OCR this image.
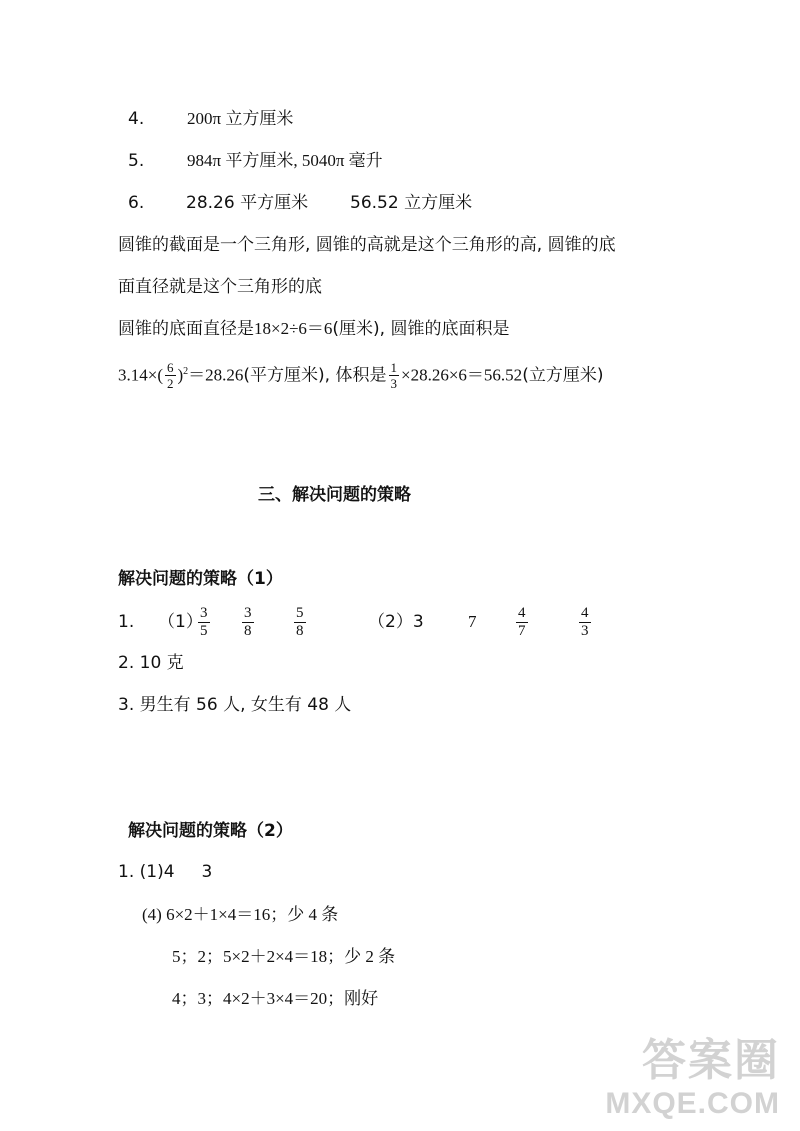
4.	200π 立方厘米
5.	984π 平方厘米, 5040π 毫升
6. 28.26 平方厘米 56.52 立方厘米
圆锥的截面是一个三角形, 圆锥的高就是这个三角形的高, 圆锥的底
面直径就是这个三角形的底
圆锥的底面直径是18×2÷6＝6(厘米), 圆锥的底面积是
$3.14\times( \frac{6}{2} )^2=28.26$(平方厘米), 体积是 $\frac{1}{3} \times 28.26\times 6=56.52$(立方厘米)
三、解决问题的策略
解决问题的策略（1）
1. （1）
$\frac{3}{5} \frac{3}{8}$	$\frac{5}{8}$	（2）3	7	$\frac{4}{7}$	$\frac{4}{3}$
2. 10 克
3. 男生有 56 人, 女生有 48 人
解决问题的策略（2）
1. (1)4     3
(4) 6×2＋1×4＝16；少 4 条
5；2；5×2＋2×4＝18；少 2 条
4；3；4×2＋3×4＝20；刚好
答案圈
MXQE.COM
